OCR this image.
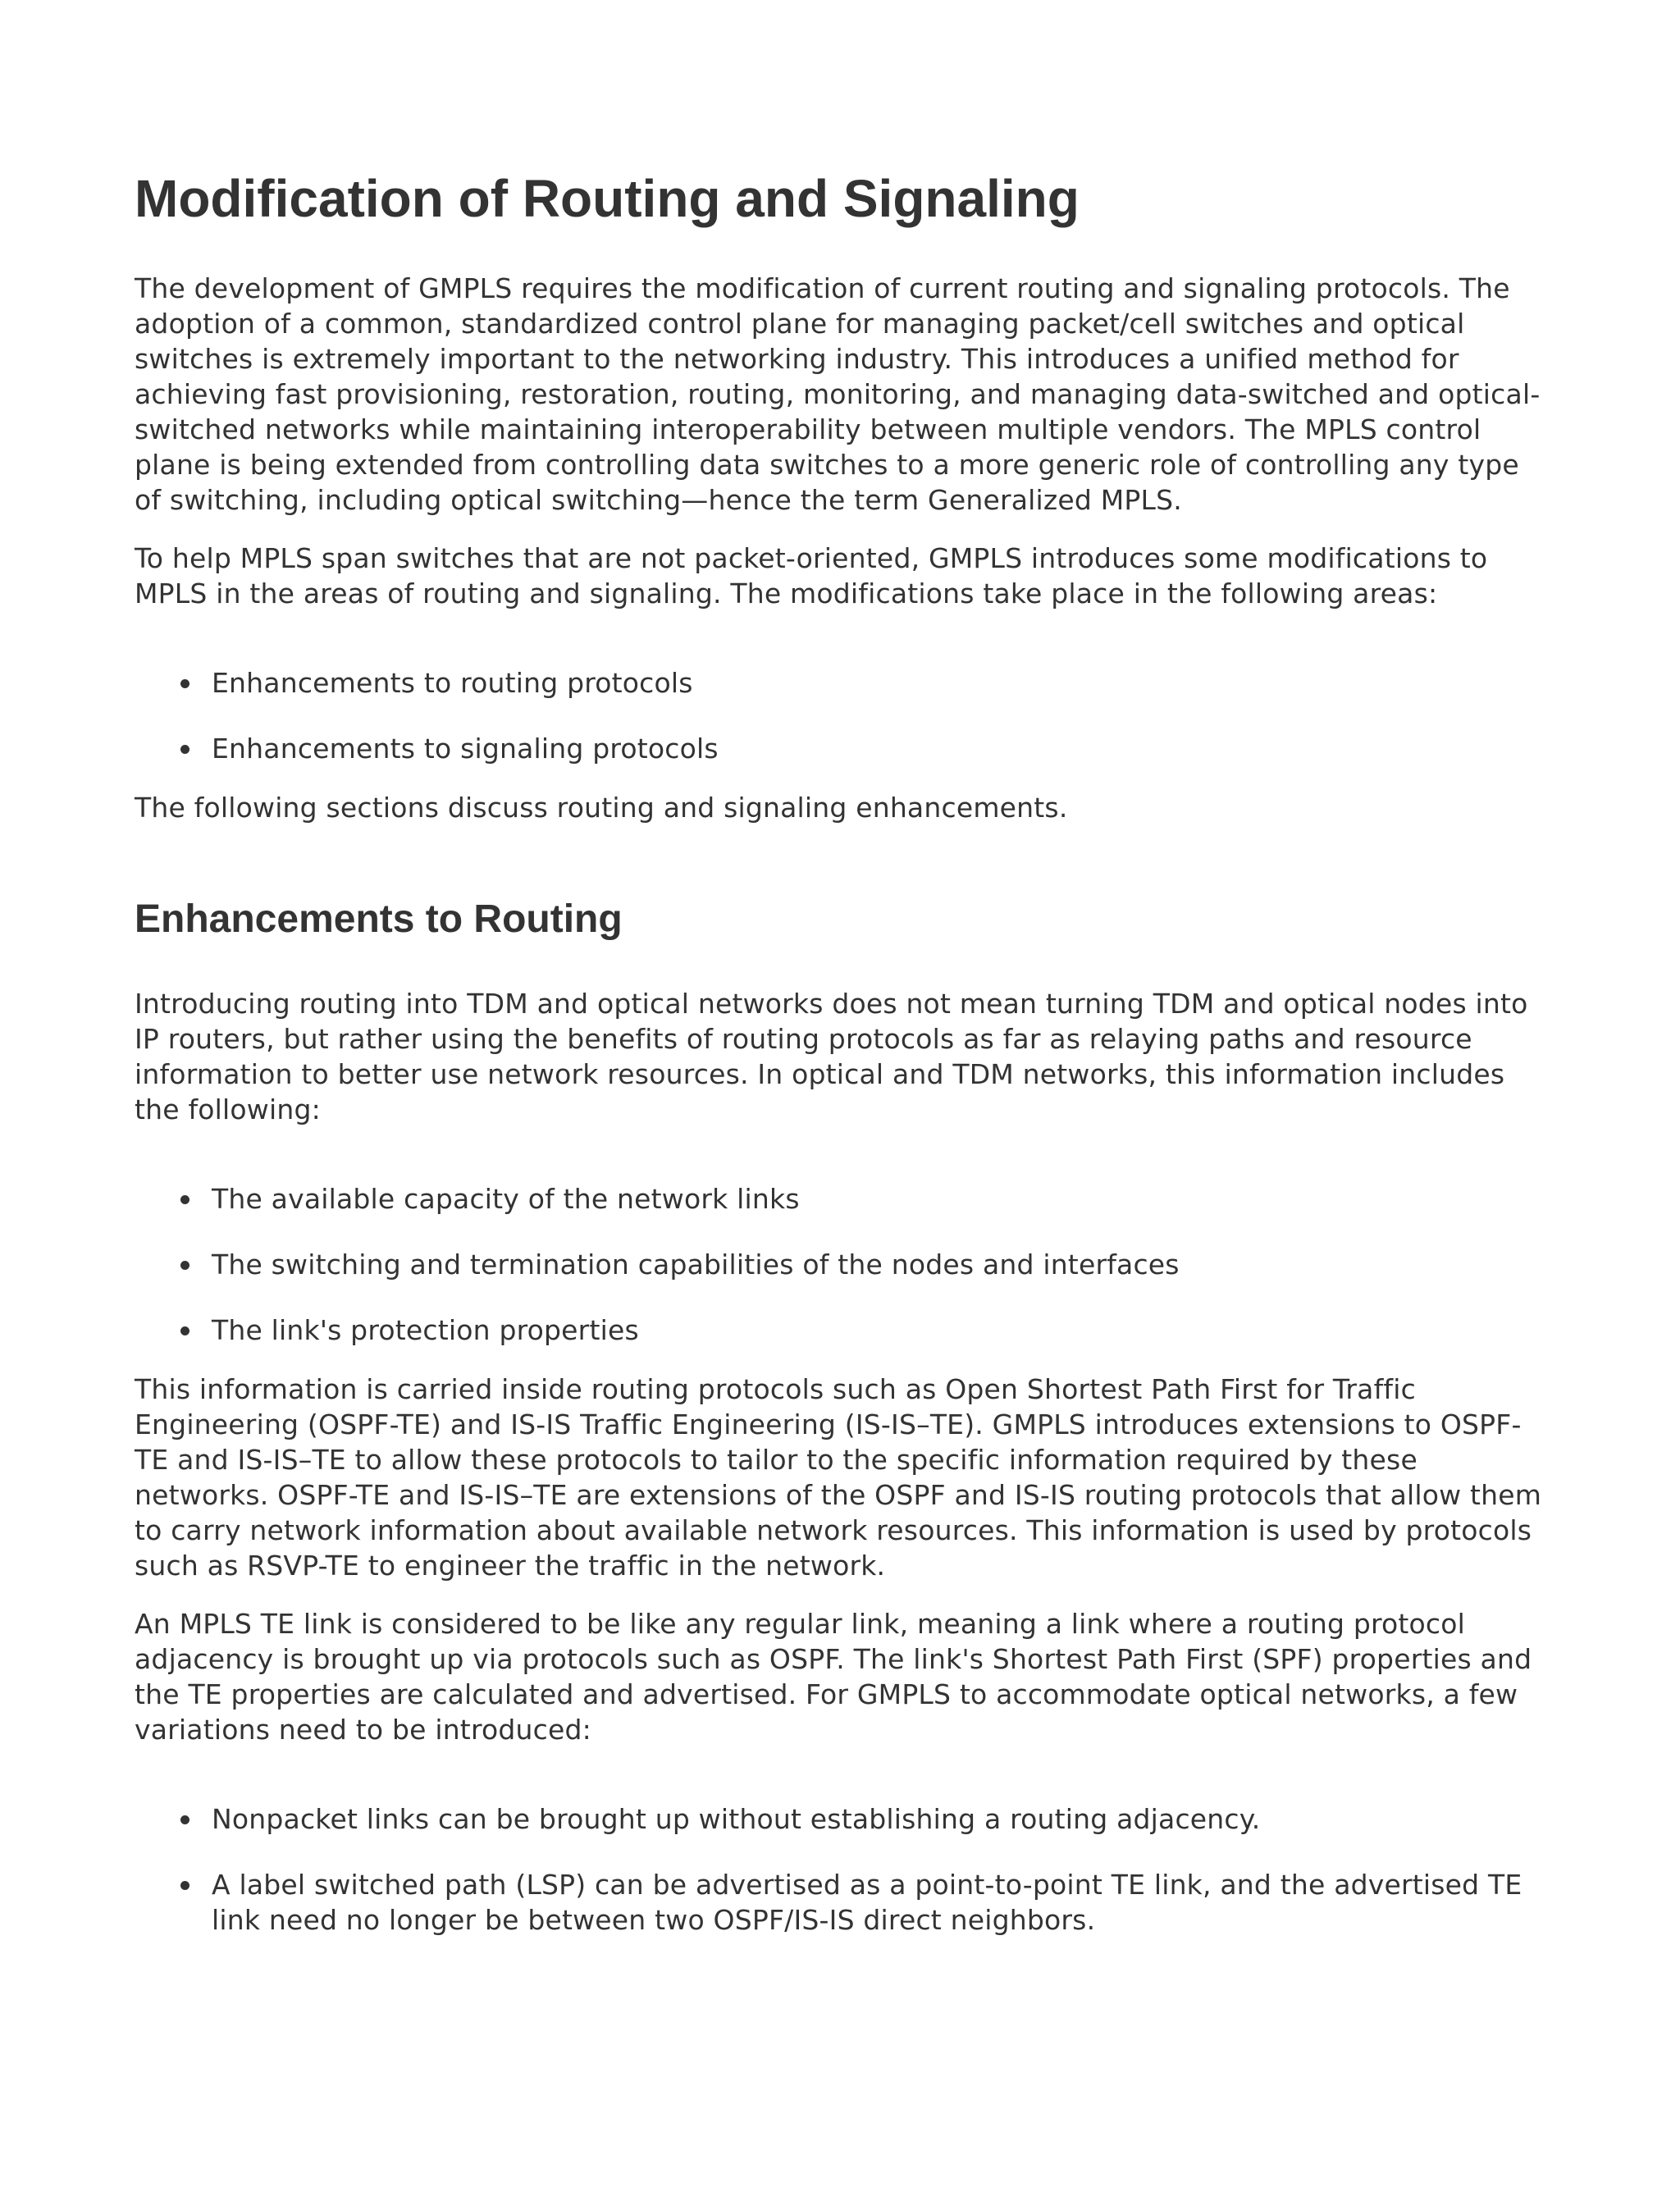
Modification of Routing and Signaling

The development of GMPLS requires the modification of current routing and signaling protocols. The adoption of a common, standardized control plane for managing packet/cell switches and optical switches is extremely important to the networking industry. This introduces a unified method for achieving fast provisioning, restoration, routing, monitoring, and managing data-switched and optical-switched networks while maintaining interoperability between multiple vendors. The MPLS control plane is being extended from controlling data switches to a more generic role of controlling any type of switching, including optical switching—hence the term Generalized MPLS.

To help MPLS span switches that are not packet-oriented, GMPLS introduces some modifications to MPLS in the areas of routing and signaling. The modifications take place in the following areas:

Enhancements to routing protocols
Enhancements to signaling protocols

The following sections discuss routing and signaling enhancements.

Enhancements to Routing

Introducing routing into TDM and optical networks does not mean turning TDM and optical nodes into IP routers, but rather using the benefits of routing protocols as far as relaying paths and resource information to better use network resources. In optical and TDM networks, this information includes the following:

The available capacity of the network links
The switching and termination capabilities of the nodes and interfaces
The link's protection properties

This information is carried inside routing protocols such as Open Shortest Path First for Traffic Engineering (OSPF-TE) and IS-IS Traffic Engineering (IS-IS–TE). GMPLS introduces extensions to OSPF-TE and IS-IS–TE to allow these protocols to tailor to the specific information required by these networks. OSPF-TE and IS-IS–TE are extensions of the OSPF and IS-IS routing protocols that allow them to carry network information about available network resources. This information is used by protocols such as RSVP-TE to engineer the traffic in the network.

An MPLS TE link is considered to be like any regular link, meaning a link where a routing protocol adjacency is brought up via protocols such as OSPF. The link's Shortest Path First (SPF) properties and the TE properties are calculated and advertised. For GMPLS to accommodate optical networks, a few variations need to be introduced:

Nonpacket links can be brought up without establishing a routing adjacency.
A label switched path (LSP) can be advertised as a point-to-point TE link, and the advertised TE link need no longer be between two OSPF/IS-IS direct neighbors.
